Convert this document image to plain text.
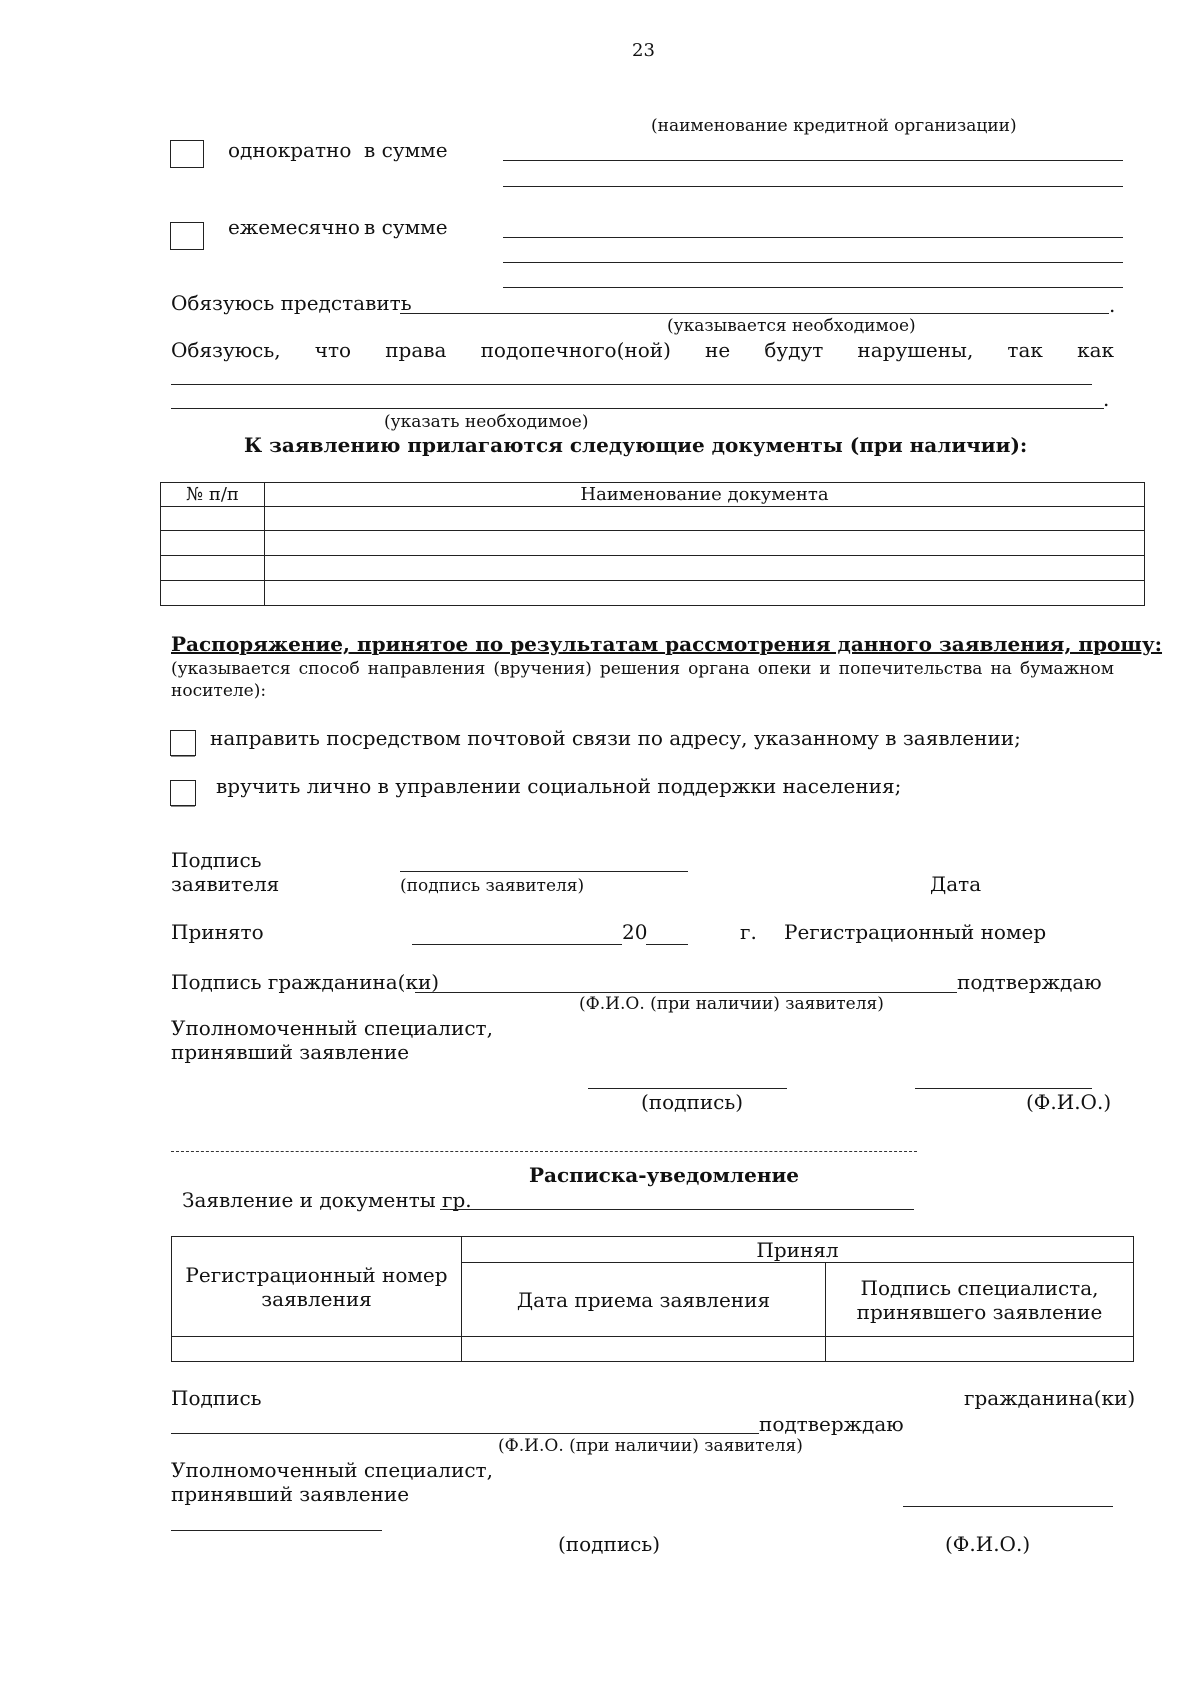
23
(наименование кредитной организации)
однократно в сумме
ежемесячно в сумме
Обязуюсь представить	.
(указывается необходимое)
Обязуюсь, что права подопечного(ной) не будут нарушены, так как
.
(указать необходимое)
К заявлению прилагаются следующие документы (при наличии):
№ п/п	Наименование документа

Распоряжение, принятое по результатам рассмотрения данного заявления, прошу:
(указывается способ направления (вручения) решения органа опеки и попечительства на бумажном носителе):
направить посредством почтовой связи по адресу, указанному в заявлении;
вручить лично в управлении социальной поддержки населения;
Подпись
заявителя	(подпись заявителя)	Дата
Принято	20	г. Регистрационный номер
Подпись гражданина(ки)	подтверждаю
(Ф.И.О. (при наличии) заявителя)
Уполномоченный специалист,
принявший заявление
(подпись)	(Ф.И.О.)
Расписка-уведомление
Заявление и документы гр.
Регистрационный номер заявления	Принял	
	Дата приема заявления	Подпись специалиста, принявшего заявление

Подпись	гражданина(ки)
подтверждаю
(Ф.И.О. (при наличии) заявителя)
Уполномоченный специалист,
принявший заявление
(подпись)	(Ф.И.О.)
